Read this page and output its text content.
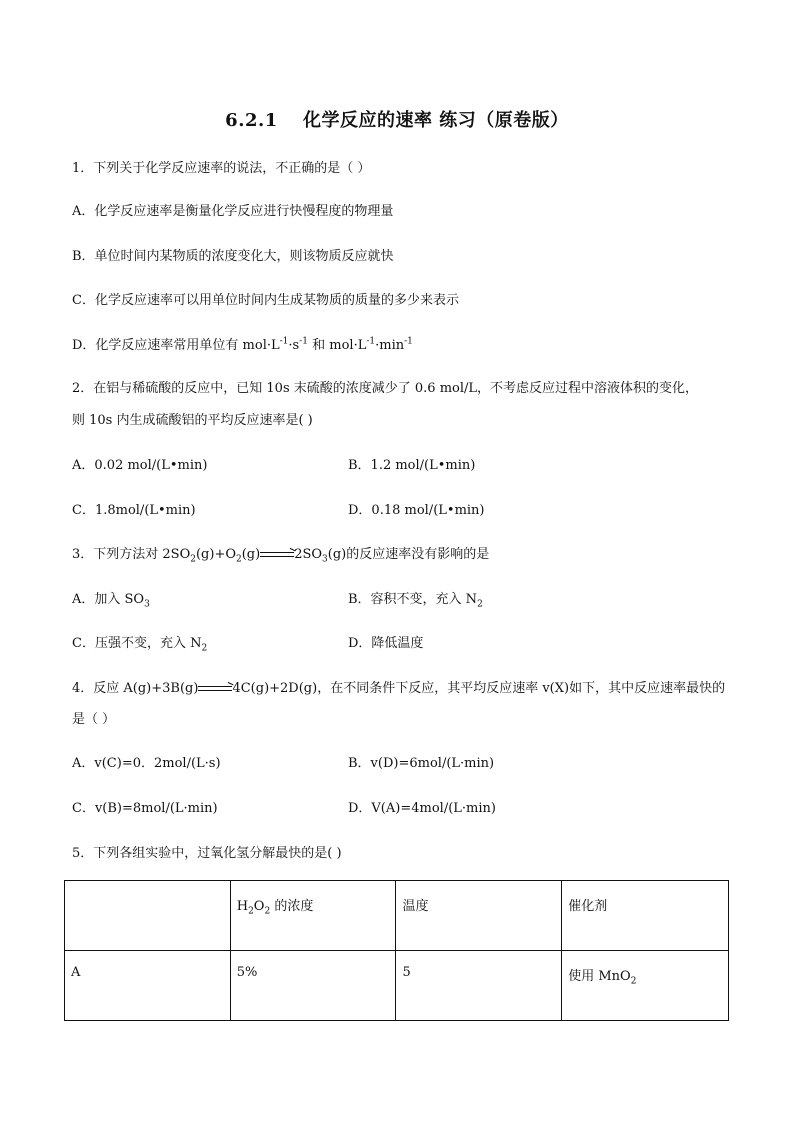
6.2.1　 化学反应的速率 练习（原卷版）
1．下列关于化学反应速率的说法，不正确的是（ ）
A．化学反应速率是衡量化学反应进行快慢程度的物理量
B．单位时间内某物质的浓度变化大，则该物质反应就快
C．化学反应速率可以用单位时间内生成某物质的质量的多少来表示
D．化学反应速率常用单位有 $mol\cdot L^{-1}\cdot s^{-1}$ 和 $mol\cdot L^{-1}\cdot\min^{-1}$
2．在铝与稀硫酸的反应中，已知 10s 末硫酸的浓度减少了 0.6 mol/L，不考虑反应过程中溶液体积的变化，
则 10s 内生成硫酸铝的平均反应速率是( )
A．0.02 mol/(L•min)	B．1.2 mol/(L•min)
C．1.8mol/(L•min)	D．0.18 mol/(L•min)
3．下列方法对 $2SO_2(g)+O_2(g)\to 2SO_3(g)$的反应速率没有影响的是
A．加入 $SO_3$	B．容积不变，充入 $N_2$
C．压强不变，充入 $N_2$	D．降低温度
4．反应 A(g)+3B(g)→4C(g)+2D(g)，在不同条件下反应，其平均反应速率 v(X)如下，其中反应速率最快的
是（ ）
A．v(C)=0．2mol/(L·s)	B．v(D)=6mol/(L·min)
C．v(B)=8mol/(L·min)	D．V(A)=4mol/(L·min)
5．下列各组实验中，过氧化氢分解最快的是( )
	$H_2O_2$ 的浓度	温度	催化剂
A	5%	5	使用 MnO$_2$
